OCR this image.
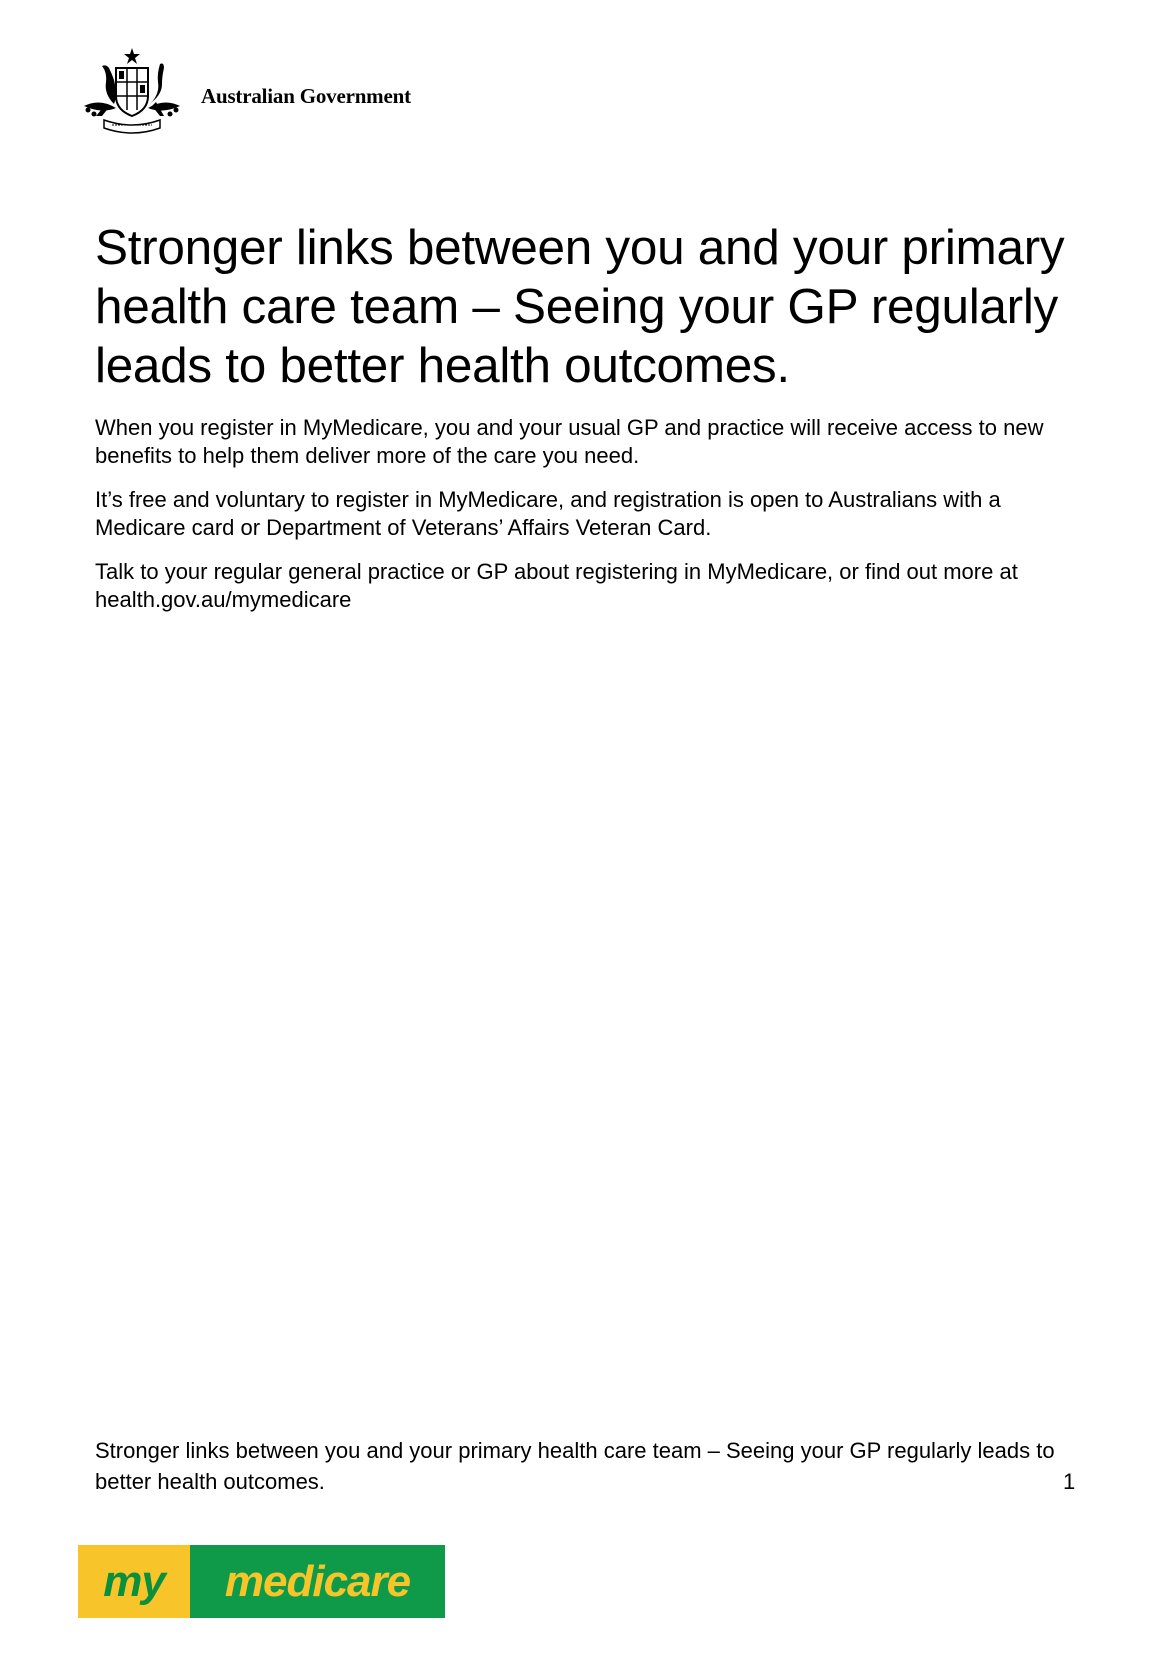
Australian Government
Stronger links between you and your primary health care team – Seeing your GP regularly leads to better health outcomes.

When you register in MyMedicare, you and your usual GP and practice will receive access to new benefits to help them deliver more of the care you need.

It’s free and voluntary to register in MyMedicare, and registration is open to Australians with a Medicare card or Department of Veterans’ Affairs Veteran Card.

Talk to your regular general practice or GP about registering in MyMedicare, or find out more at health.gov.au/mymedicare

Stronger links between you and your primary health care team – Seeing your GP regularly leads to better health outcomes.	1
my	medicare
